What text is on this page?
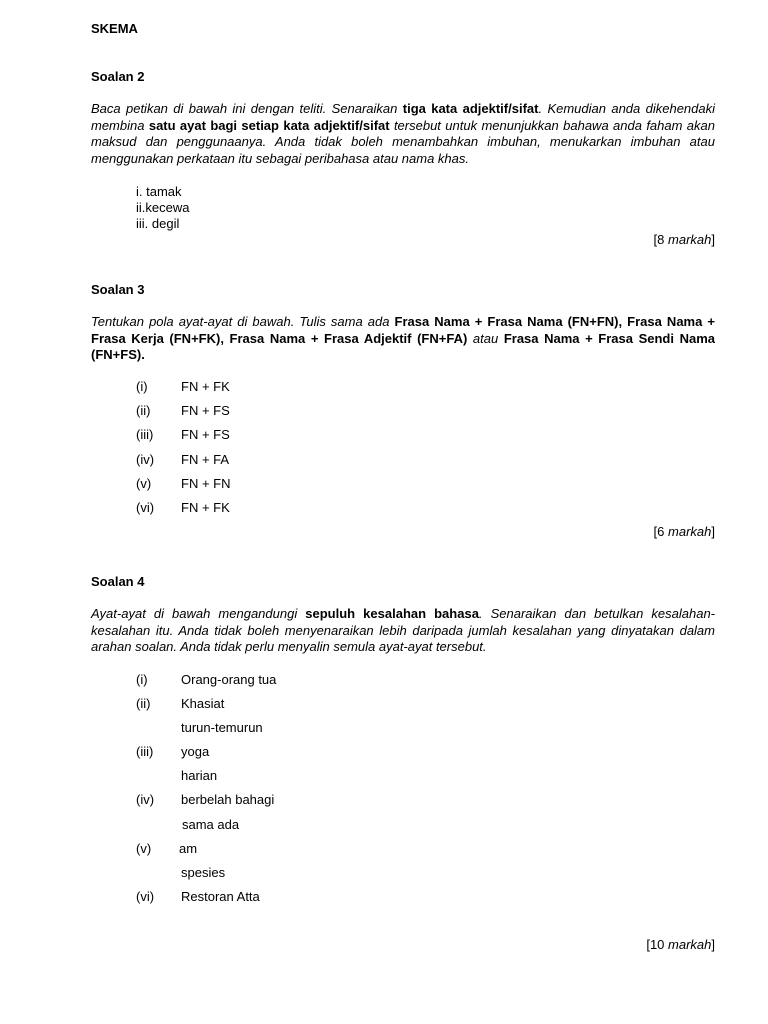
SKEMA
Soalan 2
Baca petikan di bawah ini dengan teliti. Senaraikan tiga kata adjektif/sifat. Kemudian anda dikehendaki membina satu ayat bagi setiap kata adjektif/sifat tersebut untuk menunjukkan bahawa anda faham akan maksud dan penggunaanya. Anda tidak boleh menambahkan imbuhan, menukarkan imbuhan atau menggunakan perkataan itu sebagai peribahasa atau nama khas.
i. tamak
ii.kecewa
iii. degil
[8 markah]
Soalan 3
Tentukan pola ayat-ayat di bawah. Tulis sama ada Frasa Nama + Frasa Nama (FN+FN), Frasa Nama + Frasa Kerja (FN+FK), Frasa Nama + Frasa Adjektif (FN+FA) atau Frasa Nama + Frasa Sendi Nama (FN+FS).
(i)	FN + FK
(ii) FN + FS
(iii) FN + FS
(iv) FN + FA
(v) FN + FN
(vi) FN + FK
[6 markah]
Soalan 4
Ayat-ayat di bawah mengandungi sepuluh kesalahan bahasa. Senaraikan dan betulkan kesalahan-kesalahan itu. Anda tidak boleh menyenaraikan lebih daripada jumlah kesalahan yang dinyatakan dalam arahan soalan. Anda tidak perlu menyalin semula ayat-ayat tersebut.
(i)	Orang-orang tua
(ii) Khasiat
turun-temurun
(iii) yoga
harian
(iv) berbelah bahagi
sama ada
(v) am
spesies
(vi) Restoran Atta
[10 markah]
